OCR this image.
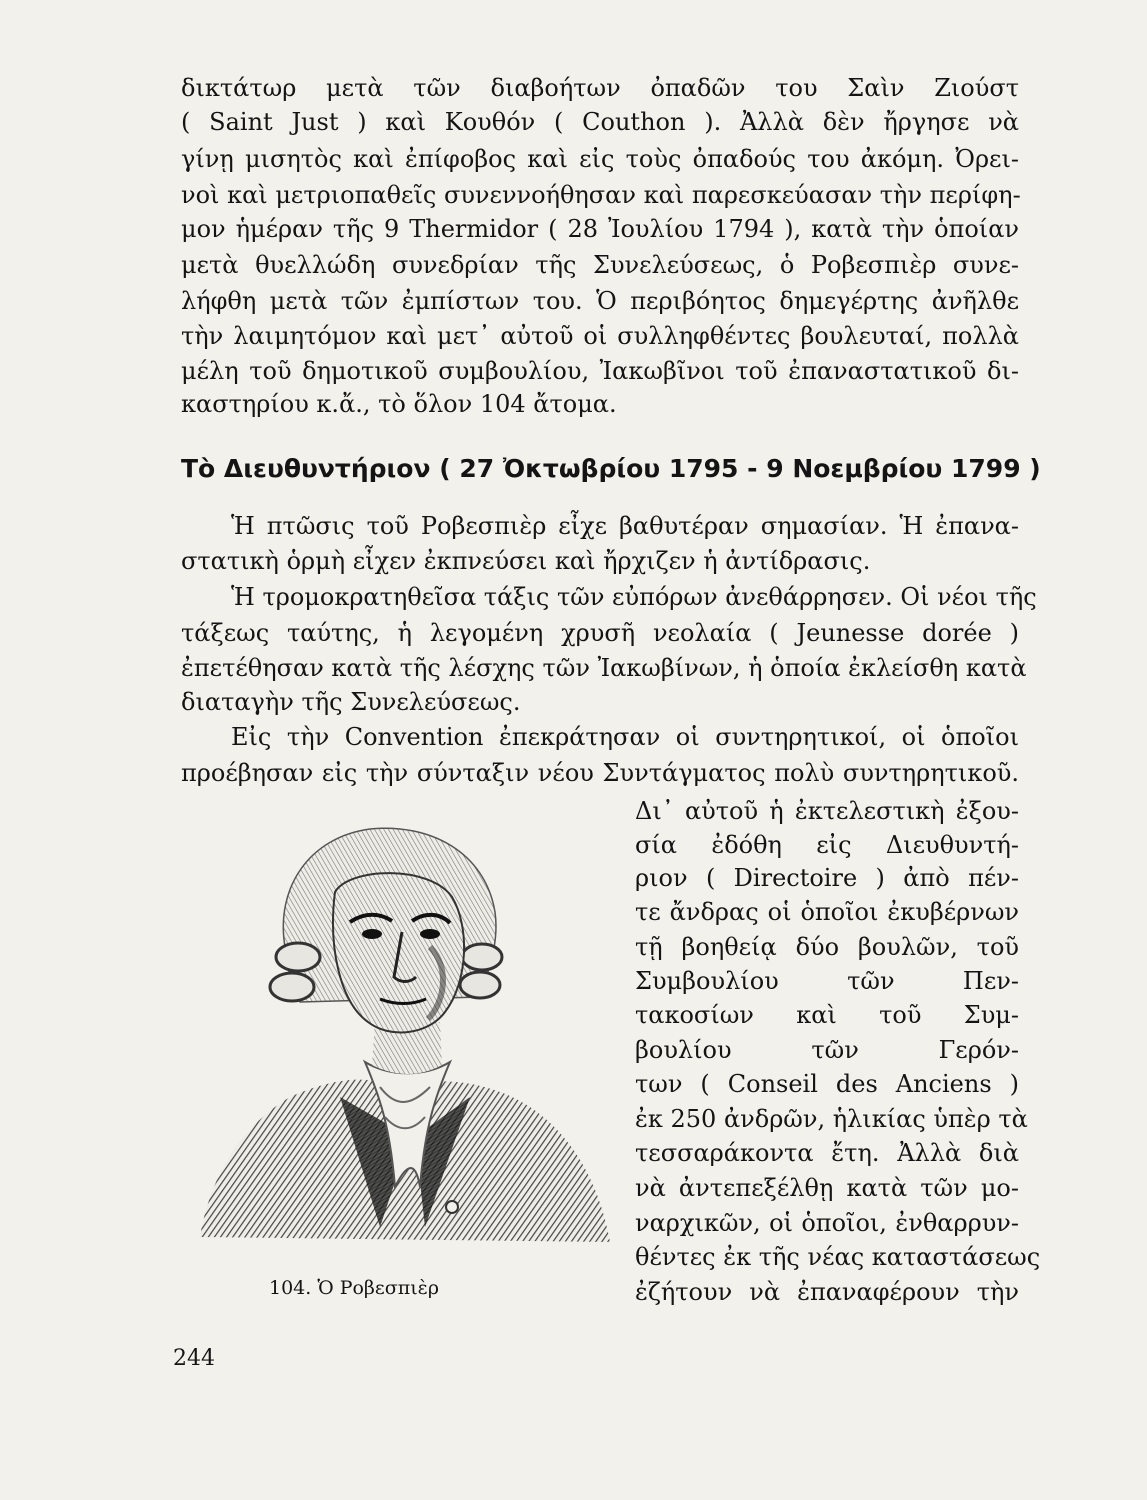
δικτάτωρ μετὰ τῶν διαβοήτων ὀπαδῶν του Σαὶν Ζιούστ
( Saint Just ) καὶ Κουθόν ( Couthon ). Ἀλλὰ δὲν ἤργησε νὰ
γίνῃ μισητὸς καὶ ἐπίφοβος καὶ εἰς τοὺς ὀπαδούς του ἀκόμη. Ὀρει-
νοὶ καὶ μετριοπαθεῖς συνεννοήθησαν καὶ παρεσκεύασαν τὴν περίφη-
μον ἡμέραν τῆς 9 Thermidor ( 28 Ἰουλίου 1794 ), κατὰ τὴν ὁποίαν
μετὰ θυελλώδη συνεδρίαν τῆς Συνελεύσεως, ὁ Ροβεσπιὲρ συνε-
λήφθη μετὰ τῶν ἐμπίστων του. Ὁ περιβόητος δημεγέρτης ἀνῆλθε
τὴν λαιμητόμον καὶ μετ᾽ αὐτοῦ οἱ συλληφθέντες βουλευταί, πολλὰ
μέλη τοῦ δημοτικοῦ συμβουλίου, Ἰακωβῖνοι τοῦ ἐπαναστατικοῦ δι-
καστηρίου κ.ἄ., τὸ ὅλον 104 ἄτομα.
Τὸ Διευθυντήριον ( 27 Ὀκτωβρίου 1795 - 9 Νοεμβρίου 1799 )
Ἡ πτῶσις τοῦ Ροβεσπιὲρ εἶχε βαθυτέραν σημασίαν. Ἡ ἐπανα-
στατικὴ ὁρμὴ εἶχεν ἐκπνεύσει καὶ ἤρχιζεν ἡ ἀντίδρασις.
Ἡ τρομοκρατηθεῖσα τάξις τῶν εὐπόρων ἀνεθάρρησεν. Οἱ νέοι τῆς
τάξεως ταύτης, ἡ λεγομένη χρυσῆ νεολαία ( Jeunesse dorée )
ἐπετέθησαν κατὰ τῆς λέσχης τῶν Ἰακωβίνων, ἡ ὁποία ἐκλείσθη κατὰ
διαταγὴν τῆς Συνελεύσεως.
Εἰς τὴν Convention ἐπεκράτησαν οἱ συντηρητικοί, οἱ ὁποῖοι
προέβησαν εἰς τὴν σύνταξιν νέου Συντάγματος πολὺ συντηρητικοῦ.
104. Ὁ Ροβεσπιὲρ
Δι᾽ αὐτοῦ ἡ ἐκτελεστικὴ ἐξου-
σία ἐδόθη εἰς Διευθυντή-
ριον ( Directoire ) ἀπὸ πέν-
τε ἄνδρας οἱ ὁποῖοι ἐκυβέρνων
τῇ βοηθείᾳ δύο βουλῶν, τοῦ
Συμβουλίου τῶν Πεν-
τακοσίων καὶ τοῦ Συμ-
βουλίου τῶν Γερόν-
των ( Conseil des Anciens )
ἐκ 250 ἀνδρῶν, ἡλικίας ὑπὲρ τὰ
τεσσαράκοντα ἔτη. Ἀλλὰ διὰ
νὰ ἀντεπεξέλθῃ κατὰ τῶν μο-
ναρχικῶν, οἱ ὁποῖοι, ἐνθαρρυν-
θέντες ἐκ τῆς νέας καταστάσεως
ἐζήτουν νὰ ἐπαναφέρουν τὴν
244
